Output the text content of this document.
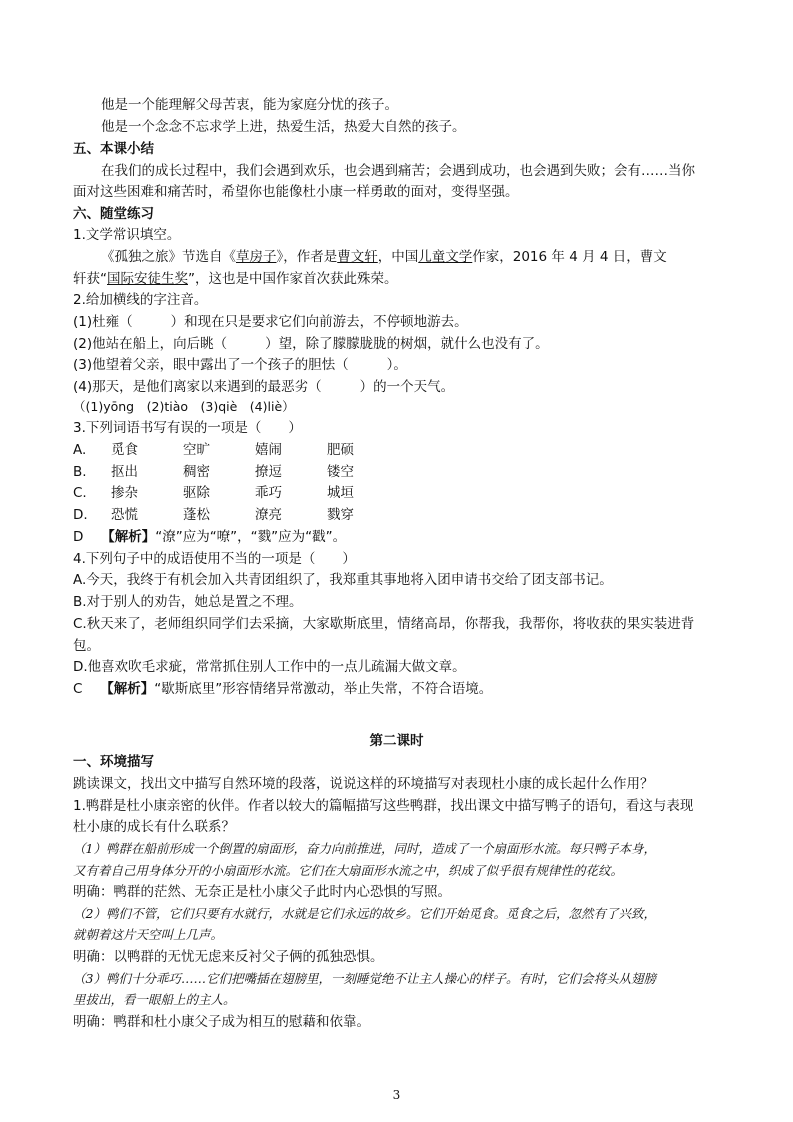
他是一个能理解父母苦衷，能为家庭分忧的孩子。
他是一个念念不忘求学上进，热爱生活，热爱大自然的孩子。
五、本课小结
在我们的成长过程中，我们会遇到欢乐，也会遇到痛苦；会遇到成功，也会遇到失败；会有……当你
面对这些困难和痛苦时，希望你也能像杜小康一样勇敢的面对，变得坚强。
六、随堂练习
1.文学常识填空。
《孤独之旅》节选自《草房子》，作者是曹文轩，中国儿童文学作家，2016 年 4 月 4 日，曹文
轩获“国际安徒生奖”，这也是中国作家首次获此殊荣。
2.给加横线的字注音。
(1)杜雍（	）和现在只是要求它们向前游去，不停顿地游去。
(2)他站在船上，向后眺（	）望，除了朦朦胧胧的树烟，就什么也没有了。
(3)他望着父亲，眼中露出了一个孩子的胆怯（	）。
(4)那天，是他们离家以来遇到的最恶劣（	）的一个天气。
（(1)yōng　(2)tiào　(3)qiè　(4)liè）
3.下列词语书写有误的一项是（　　）
A. 觅食	空旷	嬉闹	肥硕
B. 抠出	稠密	撩逗	镂空
C. 掺杂	驱除	乖巧	城垣
D. 恐慌	蓬松	潦亮	戮穿
D　 【解析】“潦”应为“嘹”，“戮”应为“戳”。
4.下列句子中的成语使用不当的一项是（　　）
A.今天，我终于有机会加入共青团组织了，我郑重其事地将入团申请书交给了团支部书记。
B.对于别人的劝告，她总是置之不理。
C.秋天来了，老师组织同学们去采摘，大家歇斯底里，情绪高昂，你帮我，我帮你，将收获的果实装进背
包。
D.他喜欢吹毛求疵，常常抓住别人工作中的一点儿疏漏大做文章。
C　 【解析】“歇斯底里”形容情绪异常激动，举止失常，不符合语境。
第二课时
一、环境描写
跳读课文，找出文中描写自然环境的段落，说说这样的环境描写对表现杜小康的成长起什么作用？
1.鸭群是杜小康亲密的伙伴。作者以较大的篇幅描写这些鸭群，找出课文中描写鸭子的语句，看这与表现
杜小康的成长有什么联系？
（1）鸭群在船前形成一个倒置的扇面形，奋力向前推进，同时，造成了一个扇面形水流。每只鸭子本身，
又有着自己用身体分开的小扇面形水流。它们在大扇面形水流之中，织成了似乎很有规律性的花纹。
明确：鸭群的茫然、无奈正是杜小康父子此时内心恐惧的写照。
（2）鸭们不管，它们只要有水就行，水就是它们永远的故乡。它们开始觅食。觅食之后，忽然有了兴致，
就朝着这片天空叫上几声。
明确：以鸭群的无忧无虑来反衬父子俩的孤独恐惧。
（3）鸭们十分乖巧……它们把嘴插在翅膀里，一刻睡觉绝不让主人操心的样子。有时，它们会将头从翅膀
里拔出，看一眼船上的主人。
明确：鸭群和杜小康父子成为相互的慰藉和依靠。
3
